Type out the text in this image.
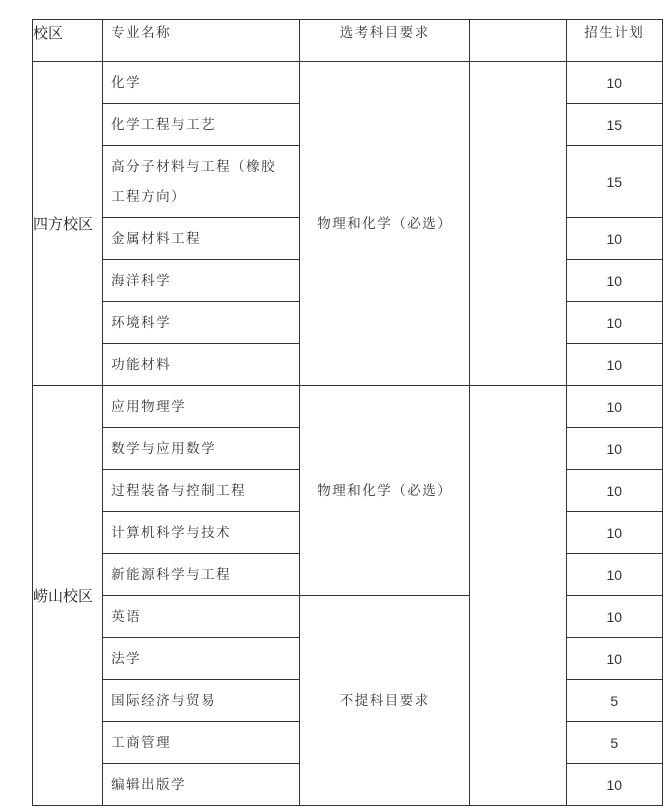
校区	专业名称	选考科目要求		招生计划
四方校区	化学	物理和化学（必选）		10
	化学工程与工艺			15
	高分子材料与工程（橡胶工程方向）			15
	金属材料工程			10
	海洋科学			10
	环境科学			10
	功能材料			10
崂山校区	应用物理学	物理和化学（必选）		10
	数学与应用数学			10
	过程装备与控制工程			10
	计算机科学与技术			10
	新能源科学与工程			10
	英语	不提科目要求		10
	法学			10
	国际经济与贸易			5
	工商管理			5
	编辑出版学			10
